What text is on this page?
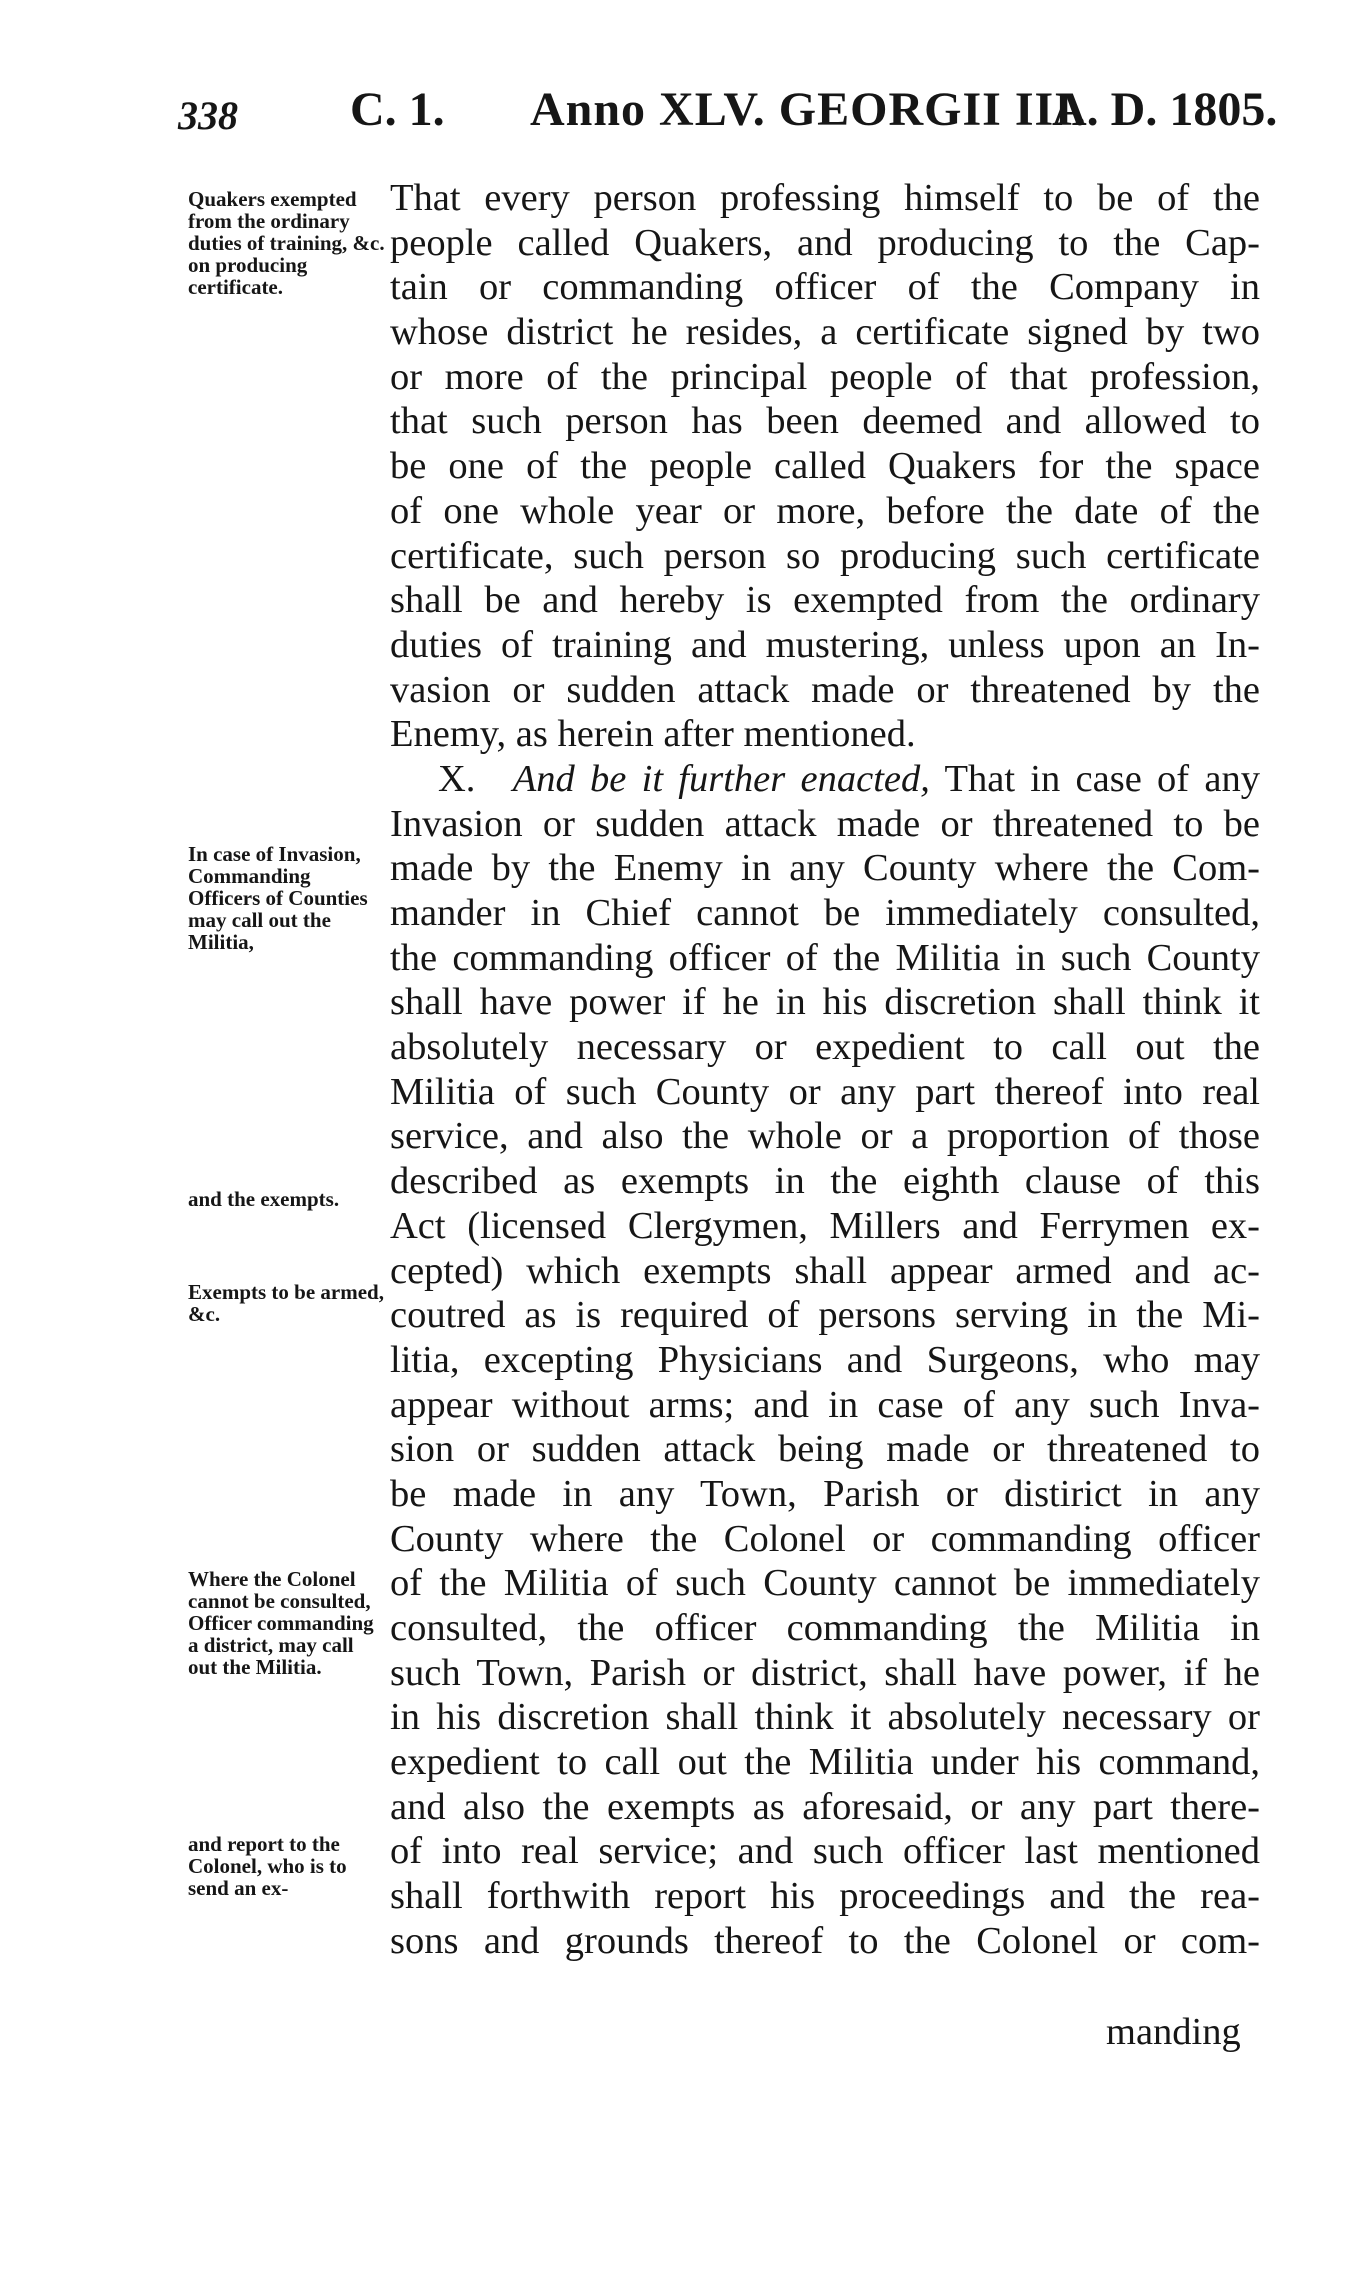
338 C. 1. Anno XLV. GEORGII III.
A. D. 1805.
Quakers exempted from the ordinary duties of training, &c. on producing certificate.
In case of Invasion, Commanding Officers of Counties may call out the Militia,
and the exempts.
Exempts to be armed, &c.
Where the Colonel cannot be consulted, Officer commanding a district, may call out the Militia.
and report to the Colonel, who is to send an ex-
That every person professing himself to be of the
people called Quakers, and producing to the Cap-
tain or commanding officer of the Company in
whose district he resides, a certificate signed by two
or more of the principal people of that profession,
that such person has been deemed and allowed to
be one of the people called Quakers for the space
of one whole year or more, before the date of the
certificate, such person so producing such certificate
shall be and hereby is exempted from the ordinary
duties of training and mustering, unless upon an In-
vasion or sudden attack made or threatened by the
Enemy, as herein after mentioned.
X. And be it further enacted, That in case of any
Invasion or sudden attack made or threatened to be
made by the Enemy in any County where the Com-
mander in Chief cannot be immediately consulted,
the commanding officer of the Militia in such County
shall have power if he in his discretion shall think it
absolutely necessary or expedient to call out the
Militia of such County or any part thereof into real
service, and also the whole or a proportion of those
described as exempts in the eighth clause of this
Act (licensed Clergymen, Millers and Ferrymen ex-
cepted) which exempts shall appear armed and ac-
coutred as is required of persons serving in the Mi-
litia, excepting Physicians and Surgeons, who may
appear without arms; and in case of any such Inva-
sion or sudden attack being made or threatened to
be made in any Town, Parish or distirict in any
County where the Colonel or commanding officer
of the Militia of such County cannot be immediately
consulted, the officer commanding the Militia in
such Town, Parish or district, shall have power, if he
in his discretion shall think it absolutely necessary or
expedient to call out the Militia under his command,
and also the exempts as aforesaid, or any part there-
of into real service; and such officer last mentioned
shall forthwith report his proceedings and the rea-
sons and grounds thereof to the Colonel or com-
manding
